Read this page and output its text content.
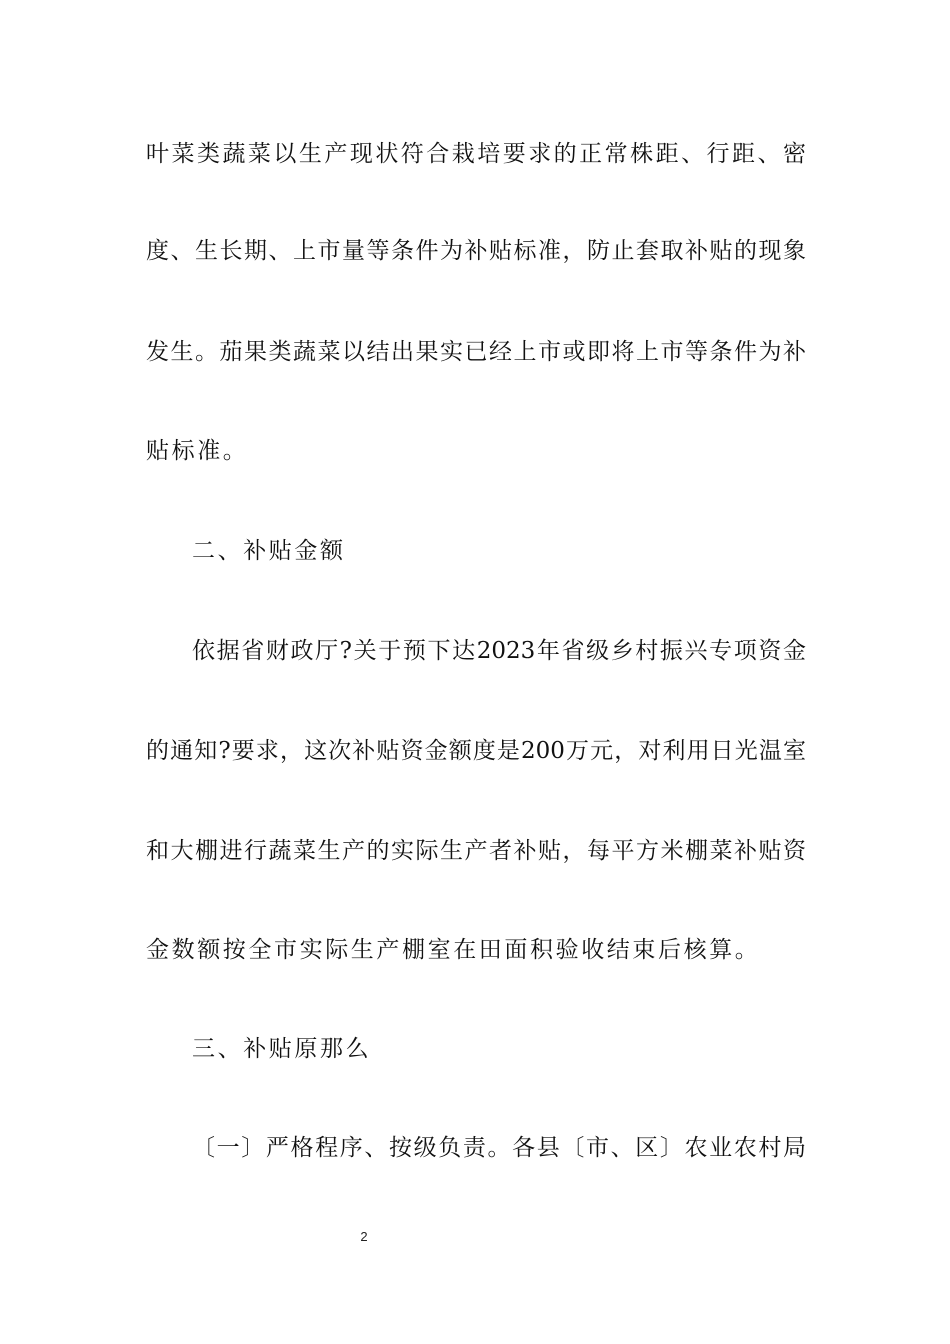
叶菜类蔬菜以生产现状符合栽培要求的正常株距、行距、密
度、生长期、上市量等条件为补贴标准，防止套取补贴的现象
发生。茄果类蔬菜以结出果实已经上市或即将上市等条件为补
贴标准。
二、补贴金额
依据省财政厅?关于预下达2023年省级乡村振兴专项资金
的通知?要求，这次补贴资金额度是200万元，对利用日光温室
和大棚进行蔬菜生产的实际生产者补贴，每平方米棚菜补贴资
金数额按全市实际生产棚室在田面积验收结束后核算。
三、补贴原那么
〔一〕严格程序、按级负责。各县〔市、区〕农业农村局
2
